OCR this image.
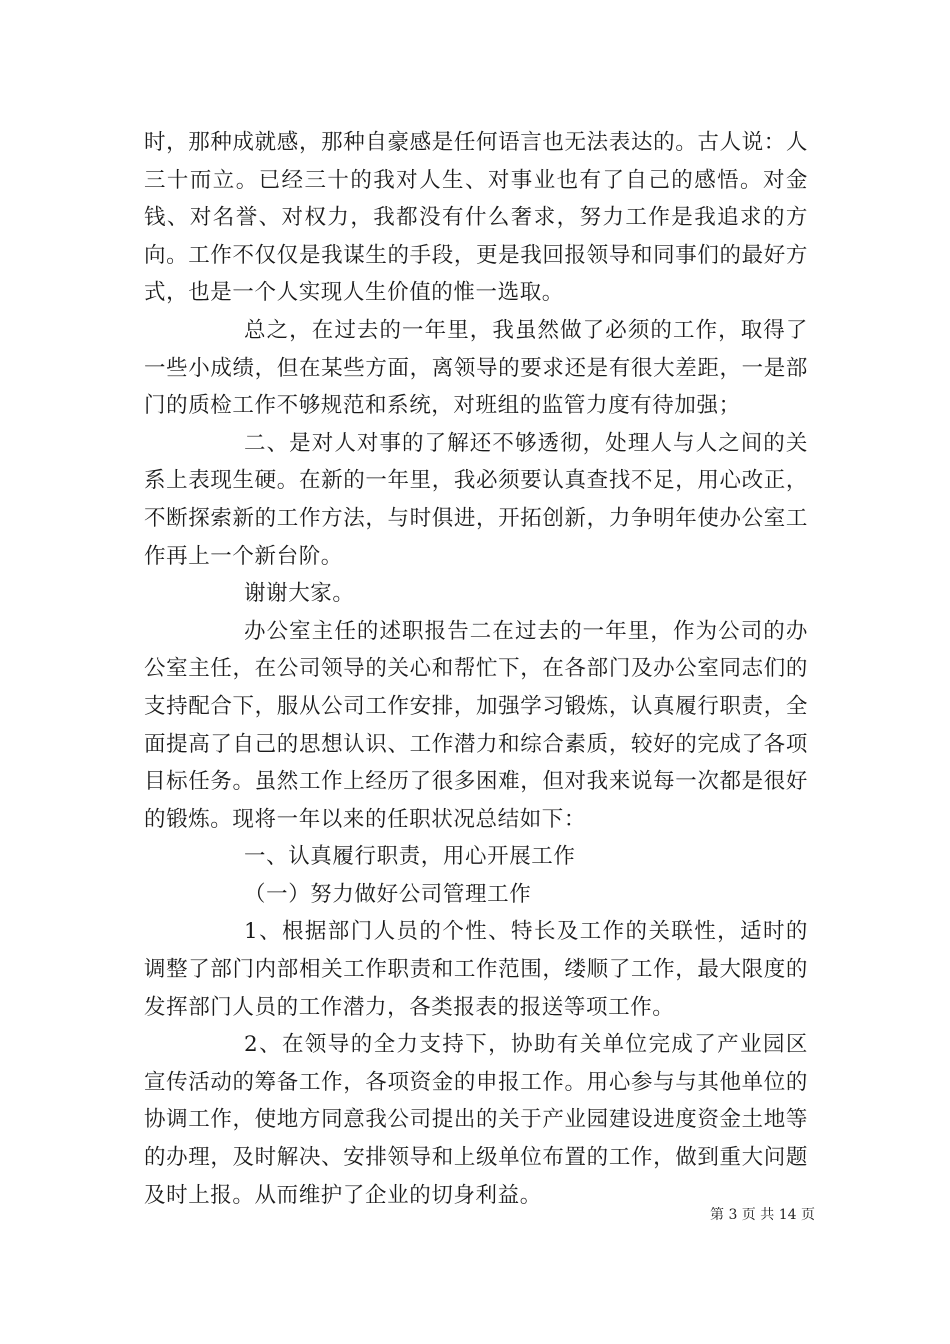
时，那种成就感，那种自豪感是任何语言也无法表达的。古人说：人三十而立。已经三十的我对人生、对事业也有了自己的感悟。对金钱、对名誉、对权力，我都没有什么奢求，努力工作是我追求的方向。工作不仅仅是我谋生的手段，更是我回报领导和同事们的最好方式，也是一个人实现人生价值的惟一选取。

总之，在过去的一年里，我虽然做了必须的工作，取得了一些小成绩，但在某些方面，离领导的要求还是有很大差距，一是部门的质检工作不够规范和系统，对班组的监管力度有待加强；

二、是对人对事的了解还不够透彻，处理人与人之间的关系上表现生硬。在新的一年里，我必须要认真查找不足，用心改正，不断探索新的工作方法，与时俱进，开拓创新，力争明年使办公室工作再上一个新台阶。

谢谢大家。

办公室主任的述职报告二在过去的一年里，作为公司的办公室主任，在公司领导的关心和帮忙下，在各部门及办公室同志们的支持配合下，服从公司工作安排，加强学习锻炼，认真履行职责，全面提高了自己的思想认识、工作潜力和综合素质，较好的完成了各项目标任务。虽然工作上经历了很多困难，但对我来说每一次都是很好的锻炼。现将一年以来的任职状况总结如下：

一、认真履行职责，用心开展工作

（一）努力做好公司管理工作

1、根据部门人员的个性、特长及工作的关联性，适时的调整了部门内部相关工作职责和工作范围，缕顺了工作，最大限度的发挥部门人员的工作潜力，各类报表的报送等项工作。

2、在领导的全力支持下，协助有关单位完成了产业园区宣传活动的筹备工作，各项资金的申报工作。用心参与与其他单位的协调工作，使地方同意我公司提出的关于产业园建设进度资金土地等的办理，及时解决、安排领导和上级单位布置的工作，做到重大问题及时上报。从而维护了企业的切身利益。

第 3 页 共 14 页
